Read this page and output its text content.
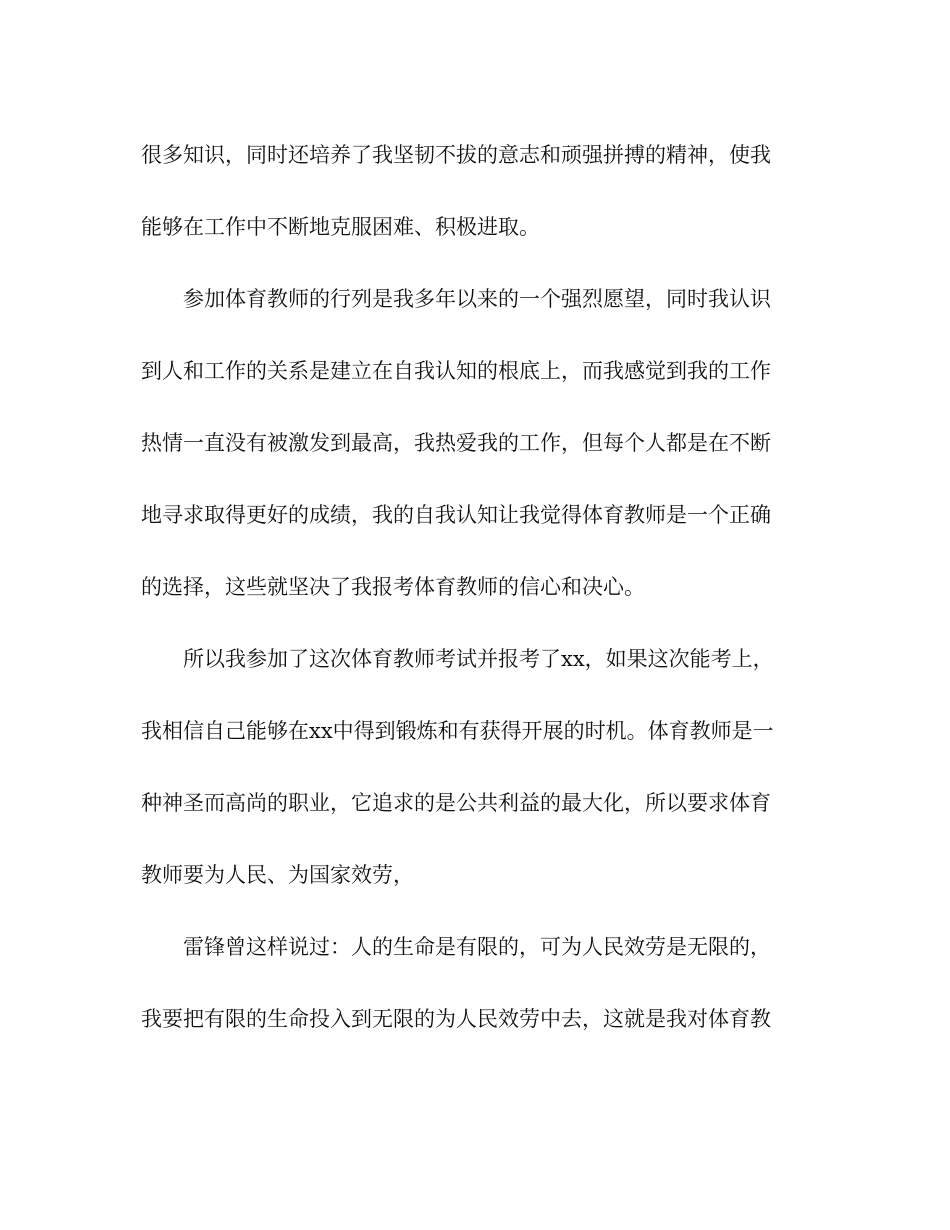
很多知识，同时还培养了我坚韧不拔的意志和顽强拼搏的精神，使我
能够在工作中不断地克服困难、积极进取。
参加体育教师的行列是我多年以来的一个强烈愿望，同时我认识
到人和工作的关系是建立在自我认知的根底上，而我感觉到我的工作
热情一直没有被激发到最高，我热爱我的工作，但每个人都是在不断
地寻求取得更好的成绩，我的自我认知让我觉得体育教师是一个正确
的选择，这些就坚决了我报考体育教师的信心和决心。
所以我参加了这次体育教师考试并报考了xx，如果这次能考上，
我相信自己能够在xx中得到锻炼和有获得开展的时机。体育教师是一
种神圣而高尚的职业，它追求的是公共利益的最大化，所以要求体育
教师要为人民、为国家效劳，
雷锋曾这样说过：人的生命是有限的，可为人民效劳是无限的，
我要把有限的生命投入到无限的为人民效劳中去，这就是我对体育教
